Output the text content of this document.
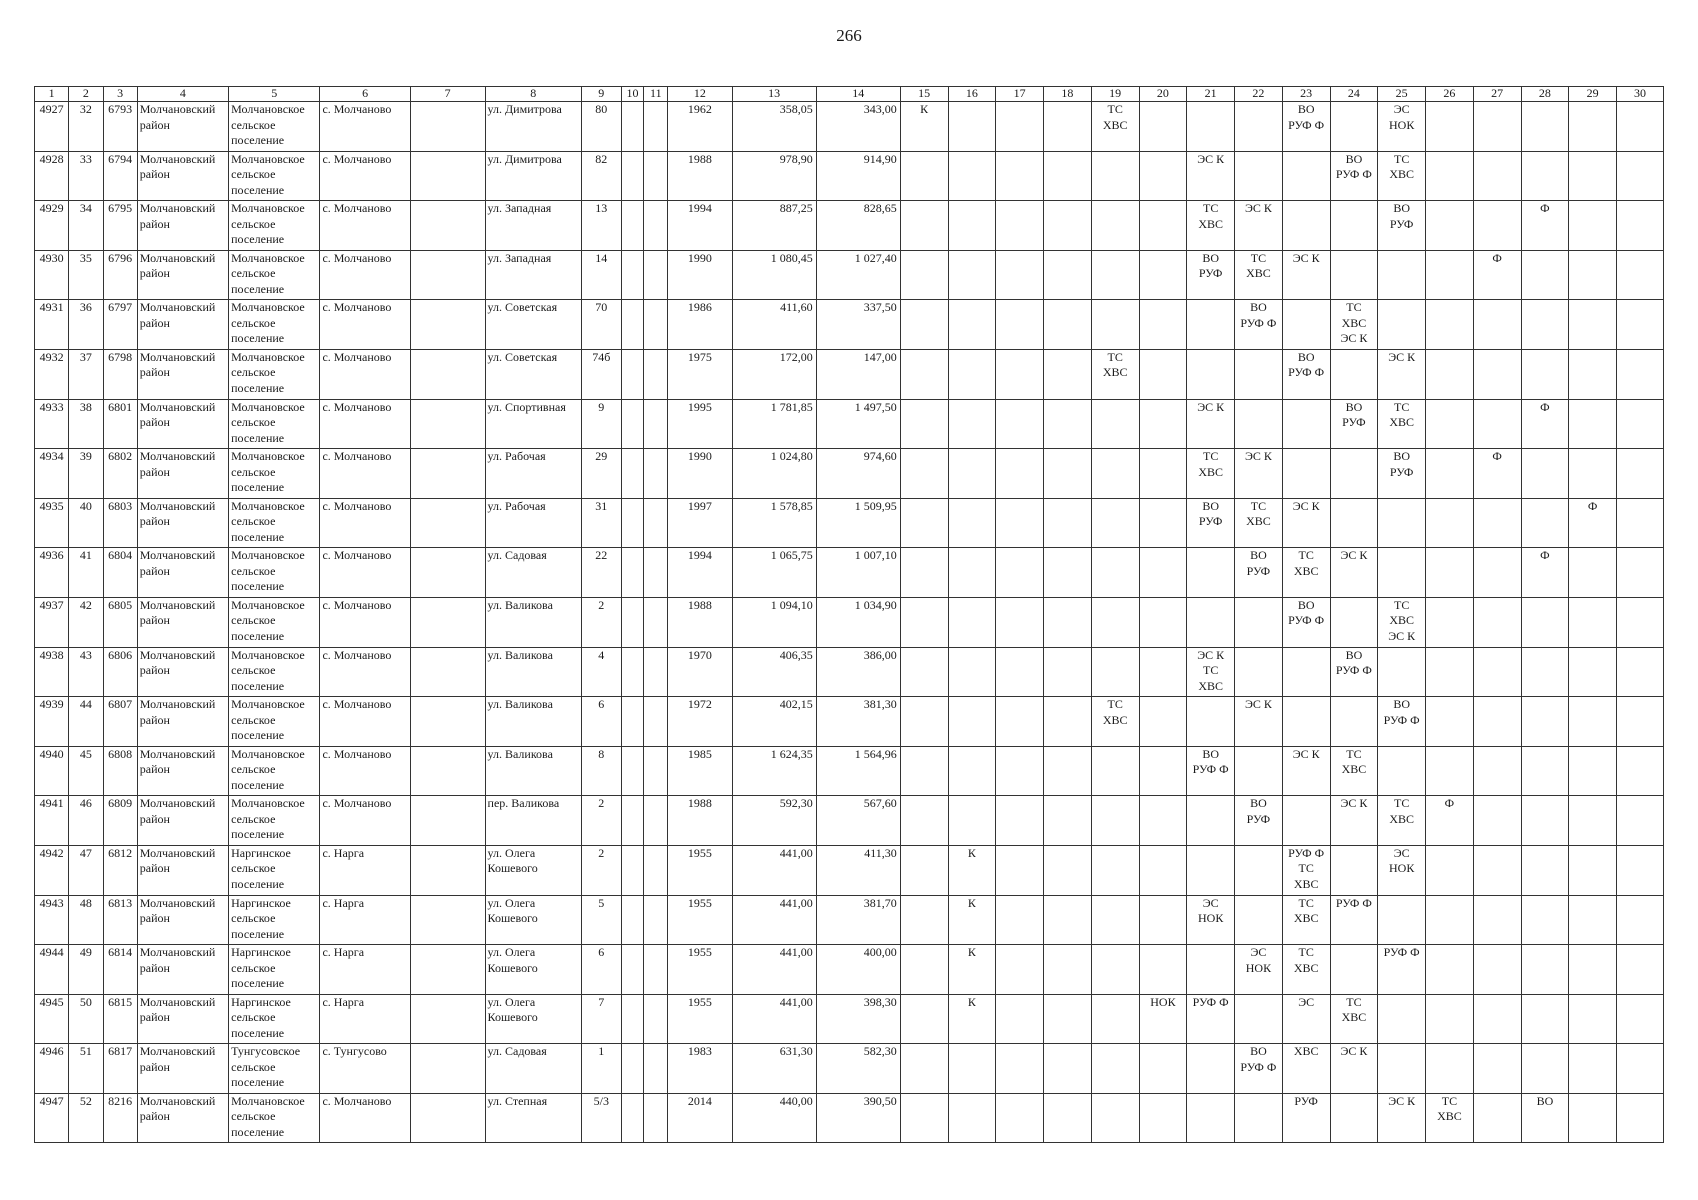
266
1	2	3	4	5	6	7	8	9	10	11	12	13	14	15	16	17	18	19	20	21	22	23	24	25	26	27	28	29	30
4927	32	6793	Молчановский
район	Молчановское
сельское
поселение	с. Молчаново		ул. Димитрова	80			1962	358,05	343,00	К				ТС
ХВС				ВО
РУФ Ф		ЭС
НОК					

4928	33	6794	Молчановский
район	Молчановское
сельское
поселение	с. Молчаново		ул. Димитрова	82			1988	978,90	914,90							ЭС К			ВО
РУФ Ф	ТС
ХВС					

4929	34	6795	Молчановский
район	Молчановское
сельское
поселение	с. Молчаново		ул. Западная	13			1994	887,25	828,65							ТС
ХВС	ЭС К			ВО
РУФ			Ф		

4930	35	6796	Молчановский
район	Молчановское
сельское
поселение	с. Молчаново		ул. Западная	14			1990	1 080,45	1 027,40							ВО
РУФ	ТС
ХВС	ЭС К				Ф			

4931	36	6797	Молчановский
район	Молчановское
сельское
поселение	с. Молчаново		ул. Советская	70			1986	411,60	337,50								ВО
РУФ Ф		ТС
ХВС
ЭС К						

4932	37	6798	Молчановский
район	Молчановское
сельское
поселение	с. Молчаново		ул. Советская	74б			1975	172,00	147,00					ТС
ХВС				ВО
РУФ Ф		ЭС К					

4933	38	6801	Молчановский
район	Молчановское
сельское
поселение	с. Молчаново		ул. Спортивная	9			1995	1 781,85	1 497,50							ЭС К			ВО
РУФ	ТС
ХВС			Ф		

4934	39	6802	Молчановский
район	Молчановское
сельское
поселение	с. Молчаново		ул. Рабочая	29			1990	1 024,80	974,60							ТС
ХВС	ЭС К			ВО
РУФ		Ф			

4935	40	6803	Молчановский
район	Молчановское
сельское
поселение	с. Молчаново		ул. Рабочая	31			1997	1 578,85	1 509,95							ВО
РУФ	ТС
ХВС	ЭС К						Ф	

4936	41	6804	Молчановский
район	Молчановское
сельское
поселение	с. Молчаново		ул. Садовая	22			1994	1 065,75	1 007,10								ВО
РУФ	ТС
ХВС	ЭС К				Ф		

4937	42	6805	Молчановский
район	Молчановское
сельское
поселение	с. Молчаново		ул. Валикова	2			1988	1 094,10	1 034,90									ВО
РУФ Ф		ТС
ХВС
ЭС К					

4938	43	6806	Молчановский
район	Молчановское
сельское
поселение	с. Молчаново		ул. Валикова	4			1970	406,35	386,00							ЭС К
ТС
ХВС			ВО
РУФ Ф						

4939	44	6807	Молчановский
район	Молчановское
сельское
поселение	с. Молчаново		ул. Валикова	6			1972	402,15	381,30					ТС
ХВС			ЭС К			ВО
РУФ Ф					

4940	45	6808	Молчановский
район	Молчановское
сельское
поселение	с. Молчаново		ул. Валикова	8			1985	1 624,35	1 564,96							ВО
РУФ Ф		ЭС К	ТС
ХВС						

4941	46	6809	Молчановский
район	Молчановское
сельское
поселение	с. Молчаново		пер. Валикова	2			1988	592,30	567,60								ВО
РУФ		ЭС К	ТС
ХВС	Ф				

4942	47	6812	Молчановский
район	Наргинское
сельское
поселение	с. Нарга		ул. Олега
Кошевого	2			1955	441,00	411,30		К							РУФ Ф
ТС
ХВС		ЭС
НОК					

4943	48	6813	Молчановский
район	Наргинское
сельское
поселение	с. Нарга		ул. Олега
Кошевого	5			1955	441,00	381,70		К					ЭС
НОК		ТС
ХВС	РУФ Ф						

4944	49	6814	Молчановский
район	Наргинское
сельское
поселение	с. Нарга		ул. Олега
Кошевого	6			1955	441,00	400,00		К						ЭС
НОК	ТС
ХВС		РУФ Ф					

4945	50	6815	Молчановский
район	Наргинское
сельское
поселение	с. Нарга		ул. Олега
Кошевого	7			1955	441,00	398,30		К				НОК	РУФ Ф		ЭС	ТС
ХВС						

4946	51	6817	Молчановский
район	Тунгусовское
сельское
поселение	с. Тунгусово		ул. Садовая	1			1983	631,30	582,30								ВО
РУФ Ф	ХВС	ЭС К						

4947	52	8216	Молчановский
район	Молчановское
сельское
поселение	с. Молчаново		ул. Степная	5/3			2014	440,00	390,50									РУФ		ЭС К	ТС
ХВС		ВО		
